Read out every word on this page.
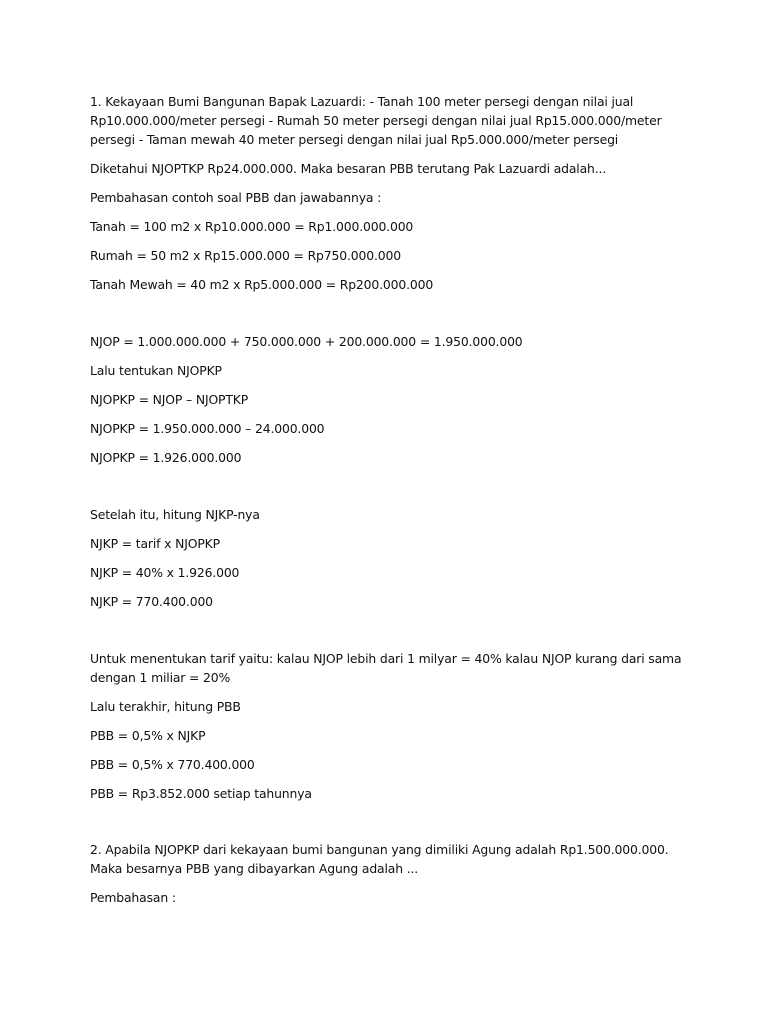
1. Kekayaan Bumi Bangunan Bapak Lazuardi: - Tanah 100 meter persegi dengan nilai jual Rp10.000.000/meter persegi - Rumah 50 meter persegi dengan nilai jual Rp15.000.000/meter persegi - Taman mewah 40 meter persegi dengan nilai jual Rp5.000.000/meter persegi

Diketahui NJOPTKP Rp24.000.000. Maka besaran PBB terutang Pak Lazuardi adalah...

Pembahasan contoh soal PBB dan jawabannya :

Tanah = 100 m2 x Rp10.000.000 = Rp1.000.000.000

Rumah = 50 m2 x Rp15.000.000 = Rp750.000.000

Tanah Mewah = 40 m2 x Rp5.000.000 = Rp200.000.000

NJOP = 1.000.000.000 + 750.000.000 + 200.000.000 = 1.950.000.000

Lalu tentukan NJOPKP

NJOPKP = NJOP – NJOPTKP

NJOPKP = 1.950.000.000 – 24.000.000

NJOPKP = 1.926.000.000

Setelah itu, hitung NJKP-nya

NJKP = tarif x NJOPKP

NJKP = 40% x 1.926.000

NJKP = 770.400.000

Untuk menentukan tarif yaitu: kalau NJOP lebih dari 1 milyar = 40% kalau NJOP kurang dari sama dengan 1 miliar = 20%

Lalu terakhir, hitung PBB

PBB = 0,5% x NJKP

PBB = 0,5% x 770.400.000

PBB = Rp3.852.000 setiap tahunnya

2. Apabila NJOPKP dari kekayaan bumi bangunan yang dimiliki Agung adalah Rp1.500.000.000. Maka besarnya PBB yang dibayarkan Agung adalah ...

Pembahasan :
